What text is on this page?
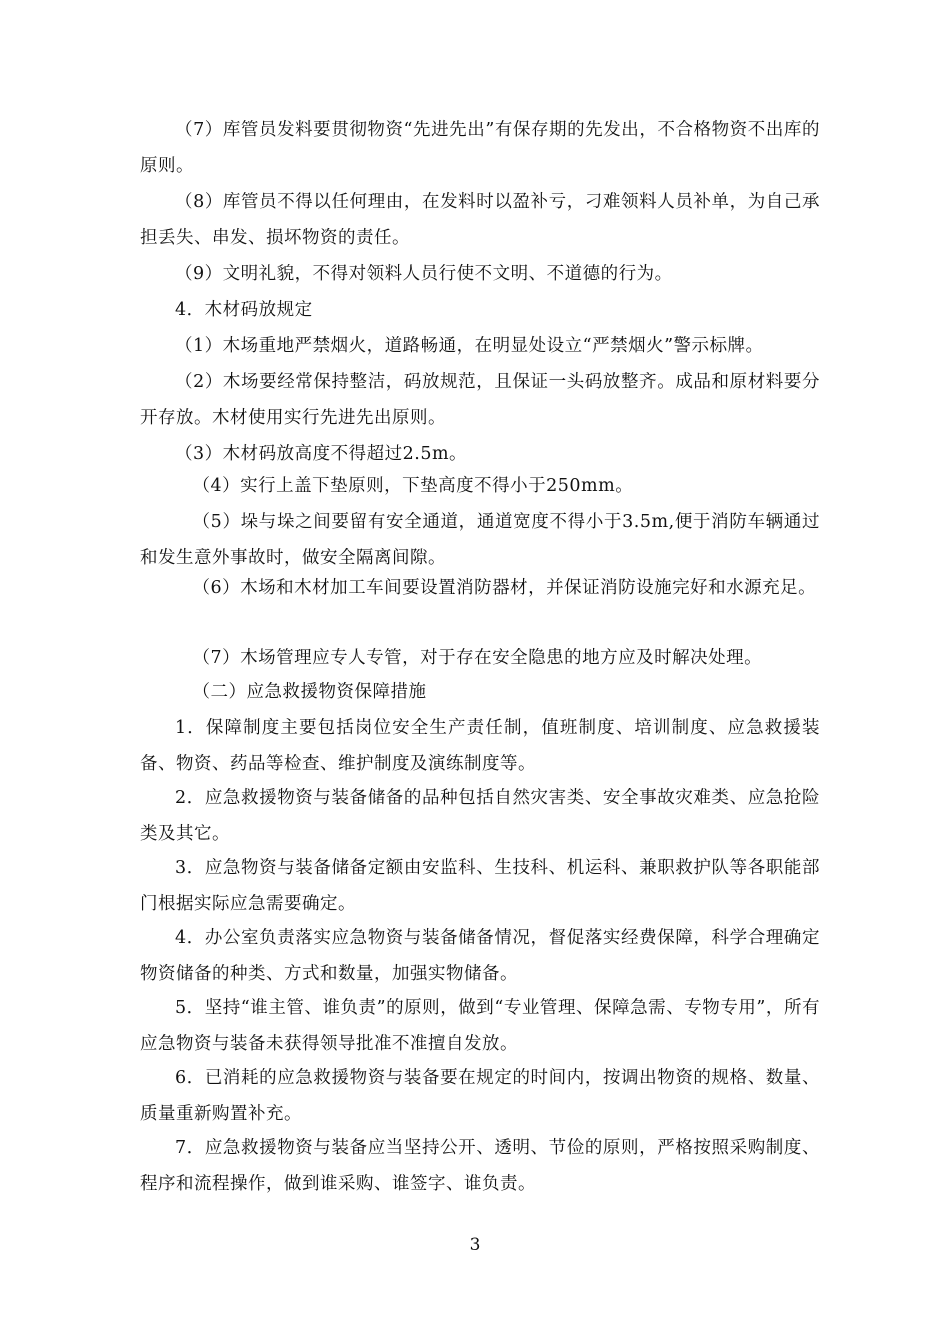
（7）库管员发料要贯彻物资“先进先出”有保存期的先发出，不合格物资不出库的原则。

（8）库管员不得以任何理由，在发料时以盈补亏，刁难领料人员补单，为自己承担丢失、串发、损坏物资的责任。

（9）文明礼貌，不得对领料人员行使不文明、不道德的行为。

4．木材码放规定

（1）木场重地严禁烟火，道路畅通，在明显处设立“严禁烟火”警示标牌。

（2）木场要经常保持整洁，码放规范，且保证一头码放整齐。成品和原材料要分开存放。木材使用实行先进先出原则。

（3）木材码放高度不得超过2.5m。

（4）实行上盖下垫原则，下垫高度不得小于250mm。

（5）垛与垛之间要留有安全通道，通道宽度不得小于3.5m,便于消防车辆通过和发生意外事故时，做安全隔离间隙。

（6）木场和木材加工车间要设置消防器材，并保证消防设施完好和水源充足。

（7）木场管理应专人专管，对于存在安全隐患的地方应及时解决处理。

（二）应急救援物资保障措施

1．保障制度主要包括岗位安全生产责任制，值班制度、培训制度、应急救援装备、物资、药品等检查、维护制度及演练制度等。

2．应急救援物资与装备储备的品种包括自然灾害类、安全事故灾难类、应急抢险类及其它。

3．应急物资与装备储备定额由安监科、生技科、机运科、兼职救护队等各职能部门根据实际应急需要确定。

4．办公室负责落实应急物资与装备储备情况，督促落实经费保障，科学合理确定物资储备的种类、方式和数量，加强实物储备。

5．坚持“谁主管、谁负责”的原则，做到“专业管理、保障急需、专物专用”，所有应急物资与装备未获得领导批准不准擅自发放。

6．已消耗的应急救援物资与装备要在规定的时间内，按调出物资的规格、数量、质量重新购置补充。

7．应急救援物资与装备应当坚持公开、透明、节俭的原则，严格按照采购制度、程序和流程操作，做到谁采购、谁签字、谁负责。

3
